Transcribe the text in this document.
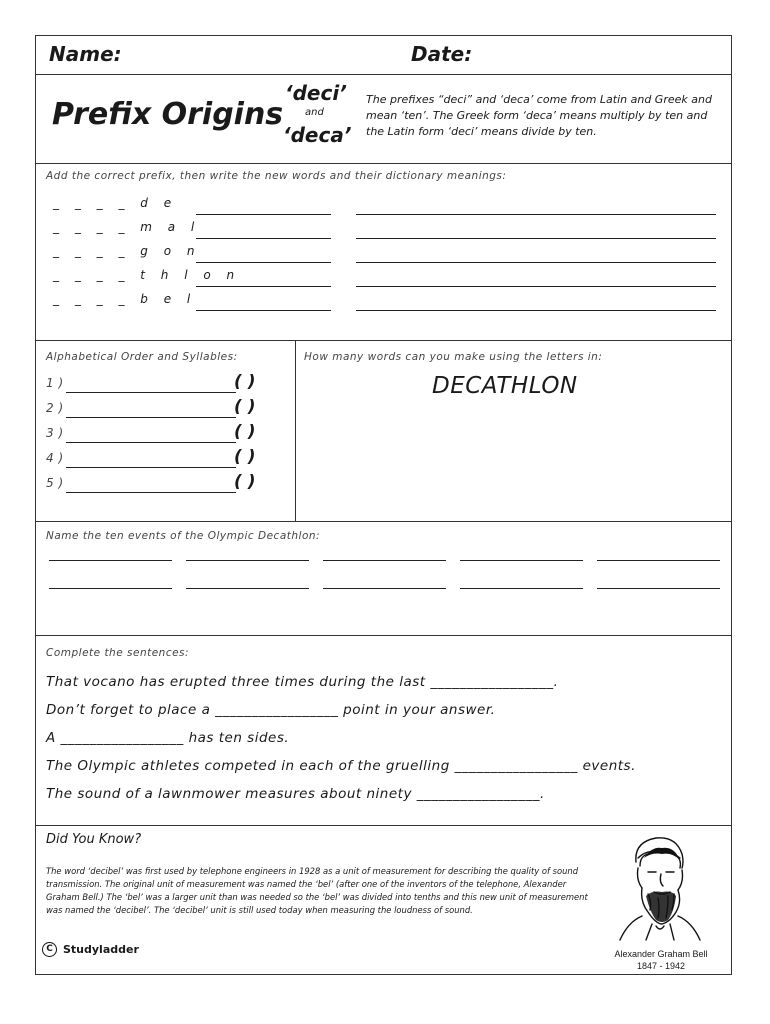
Name:	Date:
Prefix Origins
‘deci’
and
‘deca’
The prefixes “deci” and ‘deca’ come from Latin and Greek and mean ‘ten’. The Greek form ‘deca’ means multiply by ten and the Latin form ‘deci’ means divide by ten.
Add the correct prefix, then write the new words and their dictionary meanings:
_ _ _ _ d e
_ _ _ _ m a l
_ _ _ _ g o n
_ _ _ _ t h l o n
_ _ _ _ b e l
Alphabetical Order and Syllables:
1 )	( )
2 )	( )
3 )	( )
4 )	( )
5 )	( )
How many words can you make using the letters in:
DECATHLON
Name the ten events of the Olympic Decathlon:
Complete the sentences:
That vocano has erupted three times during the last _________________.
Don’t forget to place a _________________ point in your answer.
A _________________ has ten sides.
The Olympic athletes competed in each of the gruelling _________________ events.
The sound of a lawnmower measures about ninety _________________.
Did You Know?
The word ‘decibel’ was first used by telephone engineers in 1928 as a unit of measurement for describing the quality of sound transmission. The original unit of measurement was named the ‘bel’ (after one of the inventors of the telephone, Alexander Graham Bell.) The ‘bel’ was a larger unit than was needed so the ‘bel’ was divided into tenths and this new unit of measurement was named the ‘decibel’. The ‘decibel’ unit is still used today when measuring the loudness of sound.
C Studyladder	Alexander Graham Bell
1847 - 1942
